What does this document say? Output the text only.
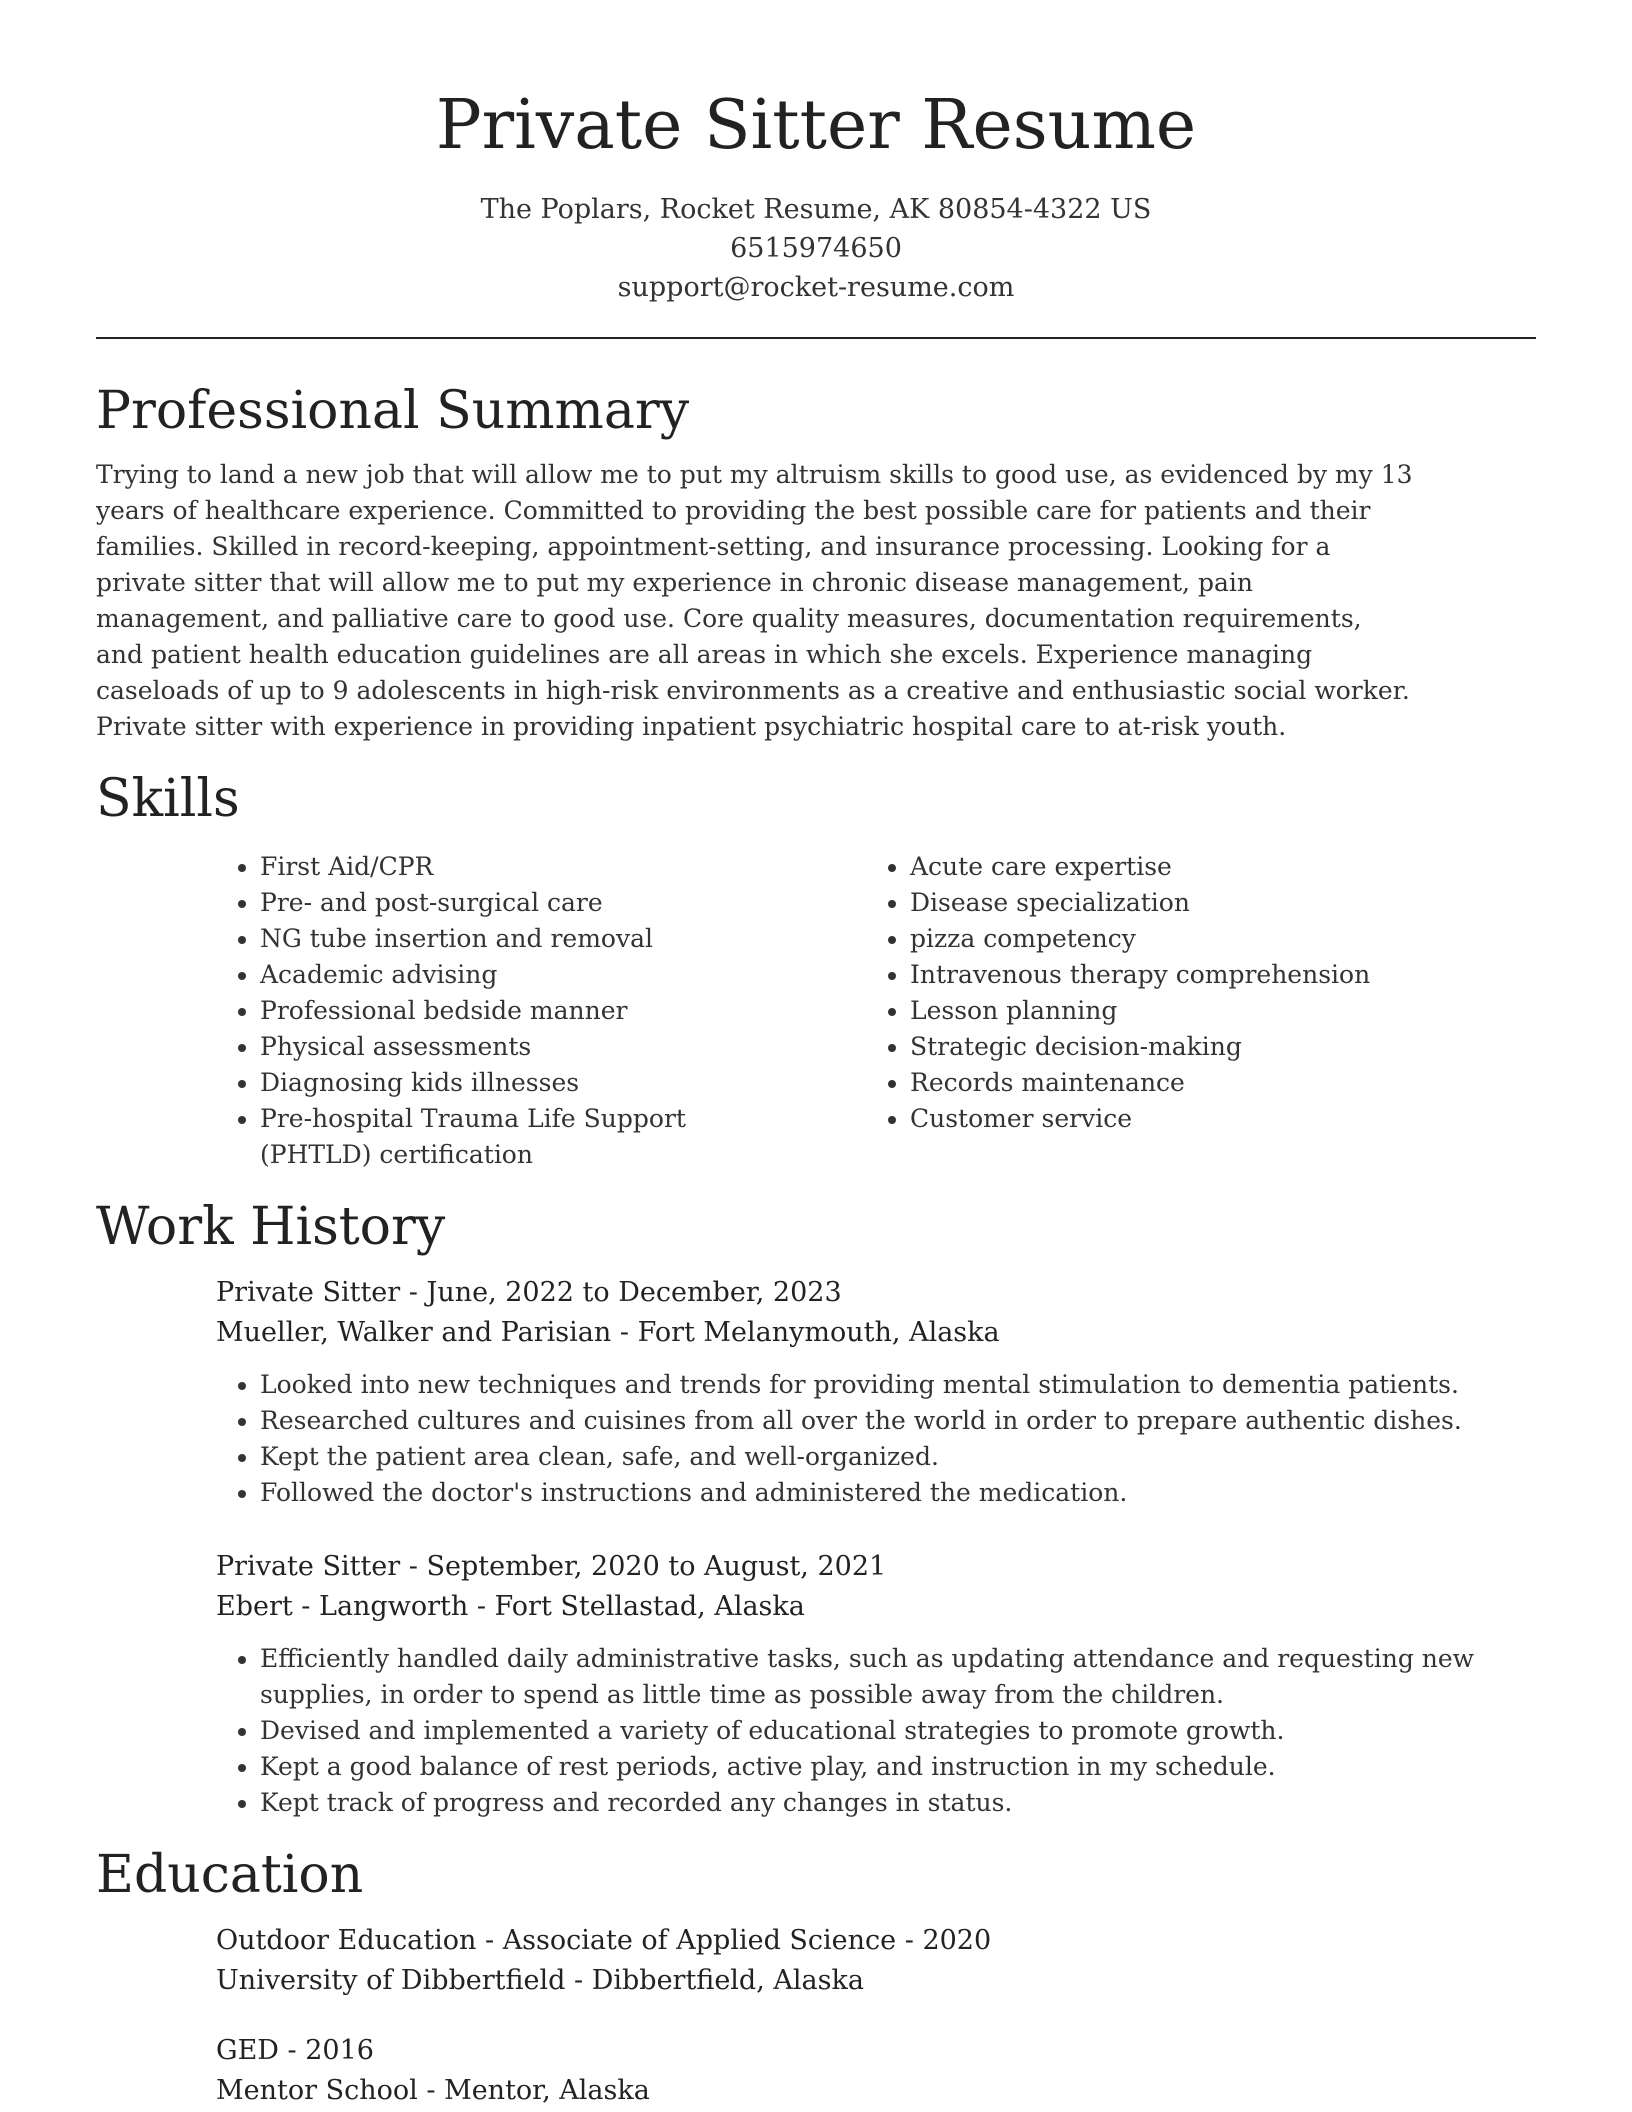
Private Sitter Resume
The Poplars, Rocket Resume, AK 80854-4322 US
6515974650
support@rocket-resume.com
Professional Summary

Trying to land a new job that will allow me to put my altruism skills to good use, as evidenced by my 13 years of healthcare experience. Committed to providing the best possible care for patients and their families. Skilled in record-keeping, appointment-setting, and insurance processing. Looking for a private sitter that will allow me to put my experience in chronic disease management, pain management, and palliative care to good use. Core quality measures, documentation requirements, and patient health education guidelines are all areas in which she excels. Experience managing caseloads of up to 9 adolescents in high-risk environments as a creative and enthusiastic social worker. Private sitter with experience in providing inpatient psychiatric hospital care to at-risk youth.

Skills
• First Aid/CPR
• Pre- and post-surgical care
• NG tube insertion and removal
• Academic advising
• Professional bedside manner
• Physical assessments
• Diagnosing kids illnesses
• Pre-hospital Trauma Life Support (PHTLD) certification
• Acute care expertise
• Disease specialization
• pizza competency
• Intravenous therapy comprehension
• Lesson planning
• Strategic decision-making
• Records maintenance
• Customer service
Work History
Private Sitter - June, 2022 to December, 2023
Mueller, Walker and Parisian - Fort Melanymouth, Alaska
• Looked into new techniques and trends for providing mental stimulation to dementia patients.
• Researched cultures and cuisines from all over the world in order to prepare authentic dishes.
• Kept the patient area clean, safe, and well-organized.
• Followed the doctor's instructions and administered the medication.
Private Sitter - September, 2020 to August, 2021
Ebert - Langworth - Fort Stellastad, Alaska
• Efficiently handled daily administrative tasks, such as updating attendance and requesting new supplies, in order to spend as little time as possible away from the children.
• Devised and implemented a variety of educational strategies to promote growth.
• Kept a good balance of rest periods, active play, and instruction in my schedule.
• Kept track of progress and recorded any changes in status.
Education
Outdoor Education - Associate of Applied Science - 2020
University of Dibbertfield - Dibbertfield, Alaska
GED - 2016
Mentor School - Mentor, Alaska
